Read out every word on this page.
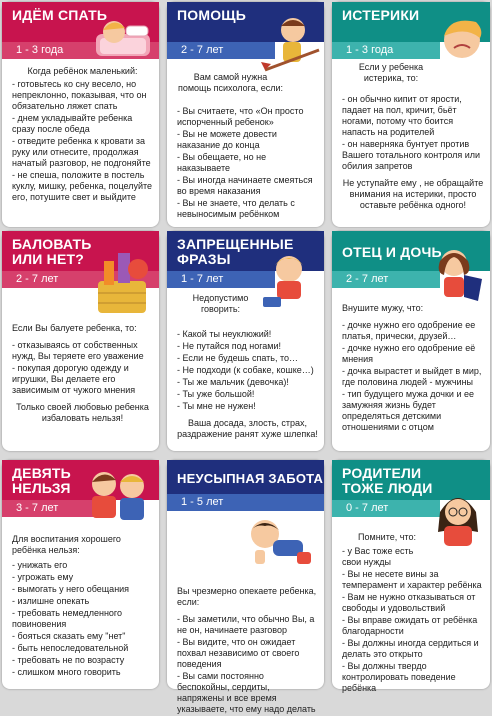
ИДЁМ СПАТЬ
1 - 3 года

Когда ребёнок маленький:

- готовьтесь ко сну весело, но непреклонно, показывая, что он обязательно ляжет спать
- днем укладывайте ребенка сразу после обеда
- отведите ребенка к кровати за руку или отнесите, продолжая начатый разговор, не подгоняйте
- не спеша, положите в постель куклу, мишку, ребенка, поцелуйте его, потушите свет и выйдите
ПОМОЩЬ
2 - 7 лет

Вам самой нужна помощь психолога, если:

- Вы считаете, что «Он просто испорченный ребенок»
- Вы не можете довести наказание до конца
- Вы обещаете, но не наказываете
- Вы иногда начинаете смеяться во время наказания
- Вы не знаете, что делать с невыносимым ребёнком
ИСТЕРИКИ
1 - 3 года

Если у ребенка истерика, то:

- он обычно кипит от ярости, падает на пол, кричит, бьёт ногами, потому что боится напасть на родителей
- он наверняка бунтует против Вашего тотального контроля или обилия запретов

Не уступайте ему , не обращайте внимания на истерики, просто оставьте ребёнка одного!

БАЛОВАТЬ ИЛИ НЕТ?
2 - 7 лет

Если Вы балуете ребенка, то:

- отказываясь от собственных нужд, Вы теряете его уважение
- покупая дорогую одежду и игрушки, Вы делаете его зависимым от чужого мнения

Только своей любовью ребенка избаловать нельзя!

ЗАПРЕЩЕННЫЕ ФРАЗЫ
1 - 7 лет

Недопустимо говорить:

- Какой ты неуклюжий!
- Не путайся под ногами!
- Если не будешь спать, то…
- Не подходи (к собаке, кошке…)
- Ты же мальчик (девочка)!
- Ты уже большой!
- Ты мне не нужен!

Ваша досада, злость, страх, раздражение ранят хуже шлепка!

ОТЕЦ И ДОЧЬ
2 - 7 лет

Внушите мужу, что:

- дочке нужно его одобрение ее платья, прически, друзей…
- дочке нужно его одобрение её мнения
- дочка вырастет и выйдет в мир, где половина людей - мужчины
- тип будущего мужа дочки и ее замужняя жизнь будет определяться детскими отношениями с отцом
ДЕВЯТЬ НЕЛЬЗЯ
3 - 7 лет

Для воспитания хорошего ребёнка нельзя:

- унижать его
- угрожать ему
- вымогать у него обещания
- излишне опекать
- требовать немедленного повиновения
- бояться сказать ему "нет"
- быть непоследовательной
- требовать не по возрасту
- слишком много говорить
НЕУСЫПНАЯ ЗАБОТА
1 - 5 лет

Вы чрезмерно опекаете ребенка, если:

- Вы заметили, что обычно Вы, а не он, начинаете разговор
- Вы видите, что он ожидает похвал независимо от своего поведения
- Вы сами постоянно беспокойны, сердиты, напряжены и все время указываете, что ему надо делать
РОДИТЕЛИ ТОЖЕ ЛЮДИ
0 - 7 лет

Помните, что:

- у Вас тоже есть свои нужды
- Вы не несете вины за темперамент и характер ребёнка
- Вам не нужно отказываться от свободы и удовольствий
- Вы вправе ожидать от ребёнка благодарности
- Вы должны иногда сердиться и делать это открыто
- Вы должны твердо контролировать поведение ребёнка
